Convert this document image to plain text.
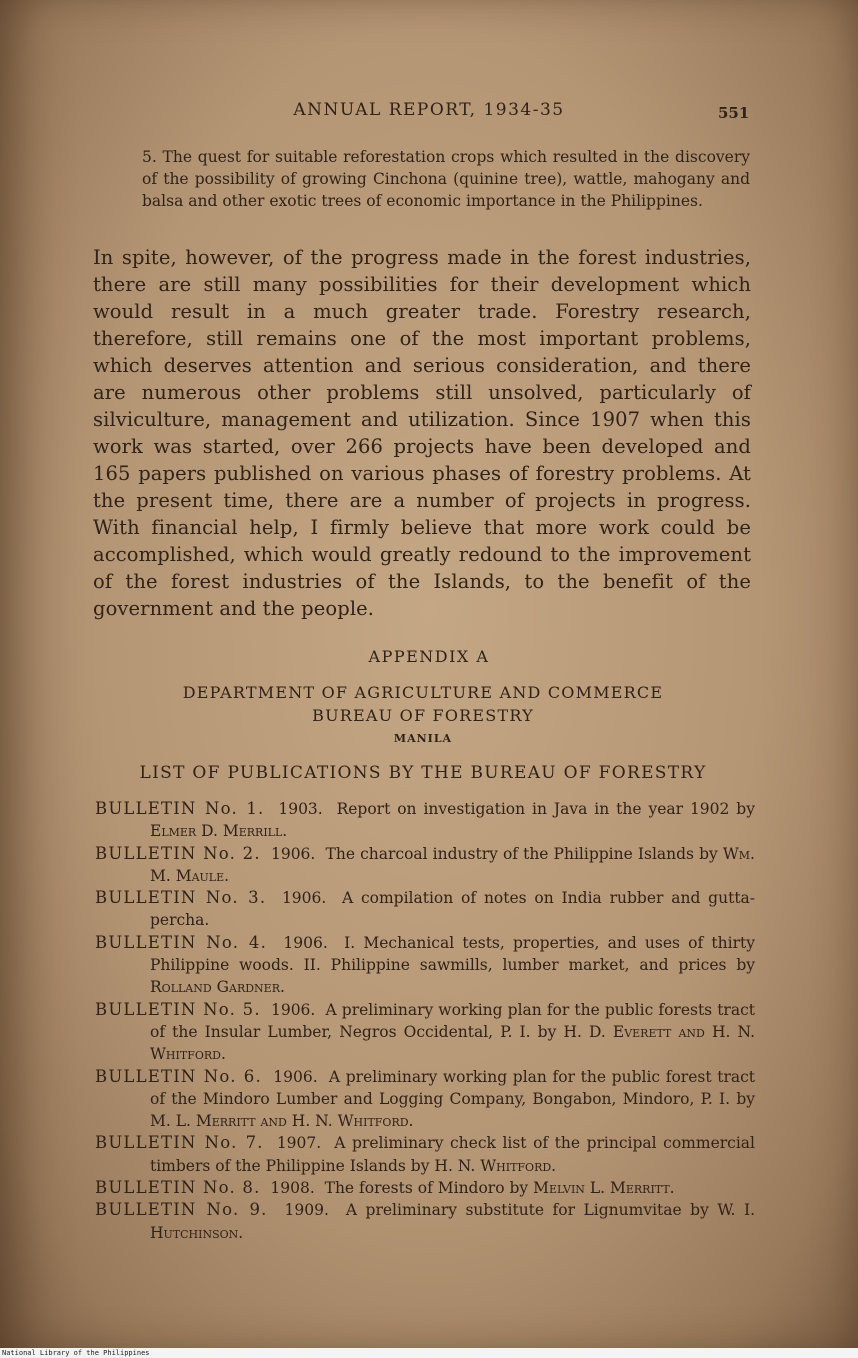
ANNUAL REPORT, 1934-35	551
5. The quest for suitable reforestation crops which resulted in the discovery of the possibility of growing Cinchona (quinine tree), wattle, mahogany and balsa and other exotic trees of economic importance in the Philippines.
In spite, however, of the progress made in the forest industries, there are still many possibilities for their development which would result in a much greater trade. Forestry research, therefore, still remains one of the most important problems, which deserves attention and serious consideration, and there are numerous other problems still unsolved, particularly of silviculture, management and utilization. Since 1907 when this work was started, over 266 projects have been developed and 165 papers published on various phases of forestry problems. At the present time, there are a number of projects in progress. With financial help, I firmly believe that more work could be accomplished, which would greatly redound to the improvement of the forest industries of the Islands, to the benefit of the government and the people.
APPENDIX A
DEPARTMENT OF AGRICULTURE AND COMMERCE
BUREAU OF FORESTRY
MANILA
LIST OF PUBLICATIONS BY THE BUREAU OF FORESTRY
BULLETIN No. 1. 1903. Report on investigation in Java in the year 1902 by Elmer D. Merrill.
BULLETIN No. 2. 1906. The charcoal industry of the Philippine Islands by Wm. M. Maule.
BULLETIN No. 3. 1906. A compilation of notes on India rubber and gutta-percha.
BULLETIN No. 4. 1906. I. Mechanical tests, properties, and uses of thirty Philippine woods. II. Philippine sawmills, lumber market, and prices by Rolland Gardner.
BULLETIN No. 5. 1906. A preliminary working plan for the public forests tract of the Insular Lumber, Negros Occidental, P. I. by H. D. Everett and H. N. Whitford.
BULLETIN No. 6. 1906. A preliminary working plan for the public forest tract of the Mindoro Lumber and Logging Company, Bongabon, Mindoro, P. I. by M. L. Merritt and H. N. Whitford.
BULLETIN No. 7. 1907. A preliminary check list of the principal commercial timbers of the Philippine Islands by H. N. Whitford.
BULLETIN No. 8. 1908. The forests of Mindoro by Melvin L. Merritt.
BULLETIN No. 9. 1909. A preliminary substitute for Lignumvitae by W. I. Hutchinson.
National Library of the Philippines
